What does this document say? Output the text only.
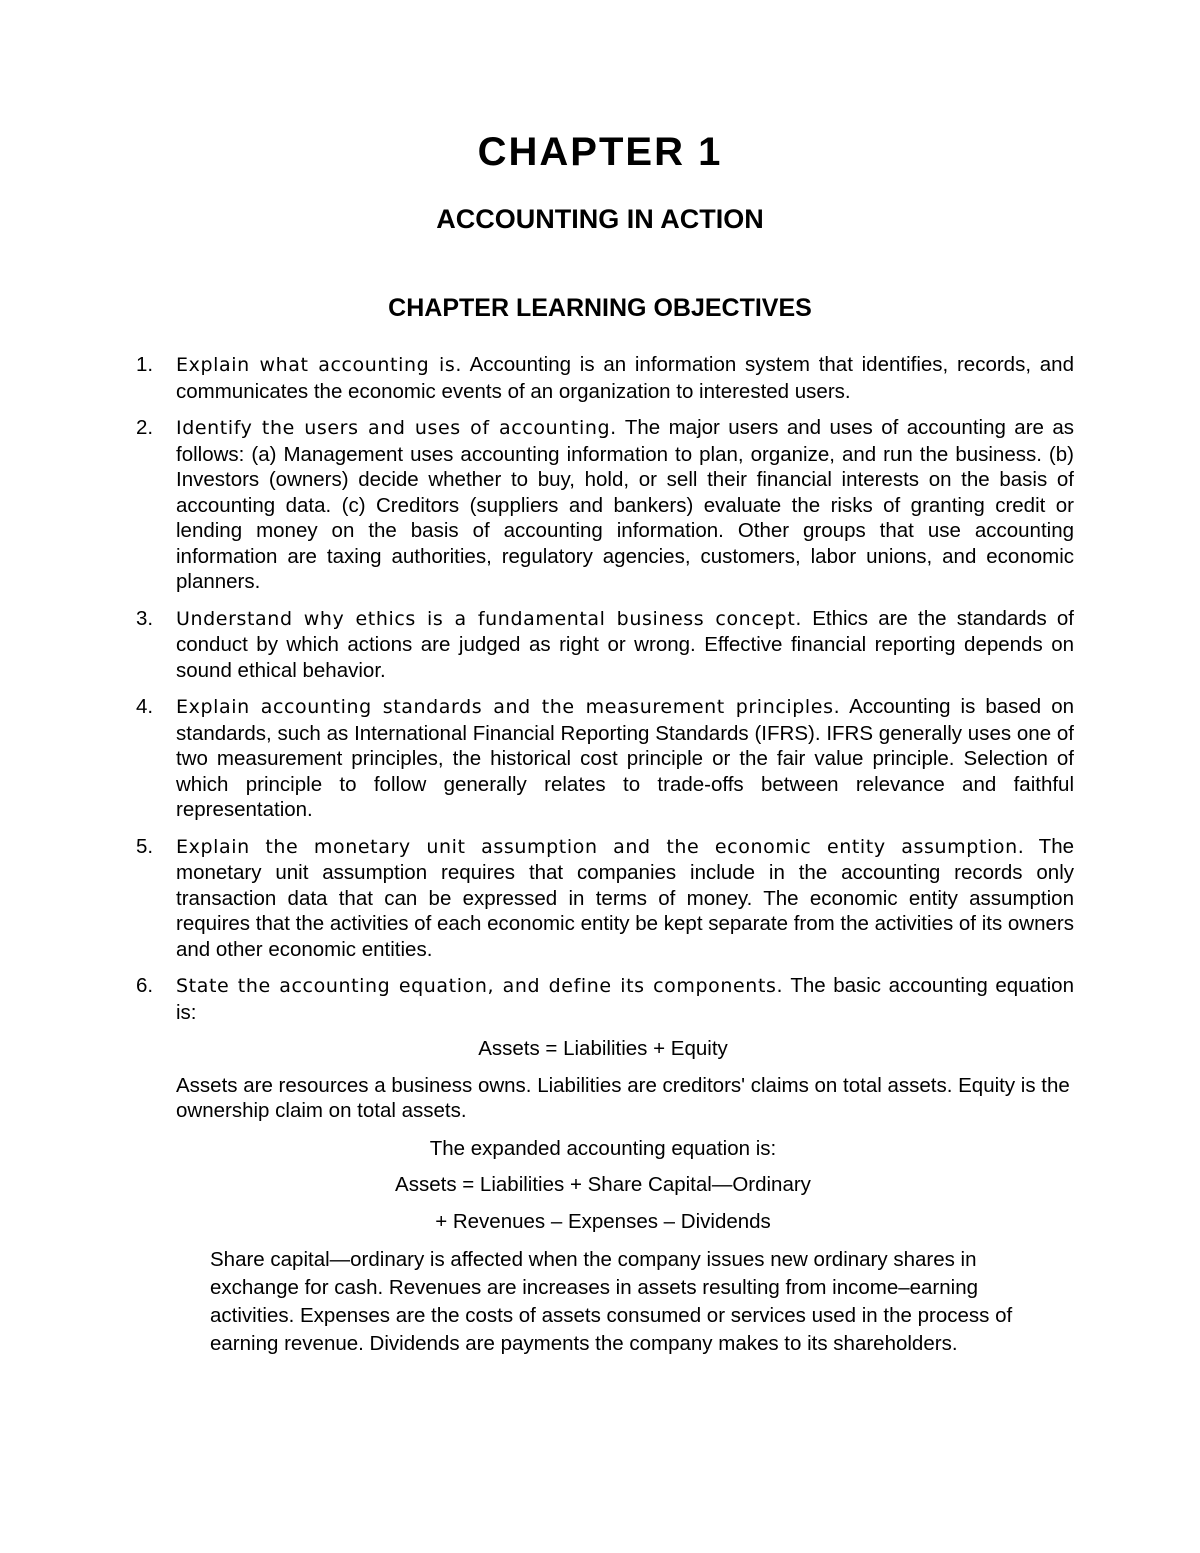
CHAPTER 1
ACCOUNTING IN ACTION
CHAPTER LEARNING OBJECTIVES
1. Explain what accounting is. Accounting is an information system that identifies, records, and communicates the economic events of an organization to interested users.
2. Identify the users and uses of accounting. The major users and uses of accounting are as follows: (a) Management uses accounting information to plan, organize, and run the business. (b) Investors (owners) decide whether to buy, hold, or sell their financial interests on the basis of accounting data. (c) Creditors (suppliers and bankers) evaluate the risks of granting credit or lending money on the basis of accounting information. Other groups that use accounting information are taxing authorities, regulatory agencies, customers, labor unions, and economic planners.
3. Understand why ethics is a fundamental business concept. Ethics are the standards of conduct by which actions are judged as right or wrong. Effective financial reporting depends on sound ethical behavior.
4. Explain accounting standards and the measurement principles. Accounting is based on standards, such as International Financial Reporting Standards (IFRS). IFRS generally uses one of two measurement principles, the historical cost principle or the fair value principle. Selection of which principle to follow generally relates to trade-offs between relevance and faithful representation.
5. Explain the monetary unit assumption and the economic entity assumption. The monetary unit assumption requires that companies include in the accounting records only transaction data that can be expressed in terms of money. The economic entity assumption requires that the activities of each economic entity be kept separate from the activities of its owners and other economic entities.
6. State the accounting equation, and define its components. The basic accounting equation is:
Assets = Liabilities + Equity
Assets are resources a business owns. Liabilities are creditors' claims on total assets. Equity is the ownership claim on total assets.
The expanded accounting equation is:
Assets = Liabilities + Share Capital—Ordinary
+ Revenues – Expenses – Dividends

Share capital—ordinary is affected when the company issues new ordinary shares in exchange for cash. Revenues are increases in assets resulting from income–earning activities. Expenses are the costs of assets consumed or services used in the process of earning revenue. Dividends are payments the company makes to its shareholders.
